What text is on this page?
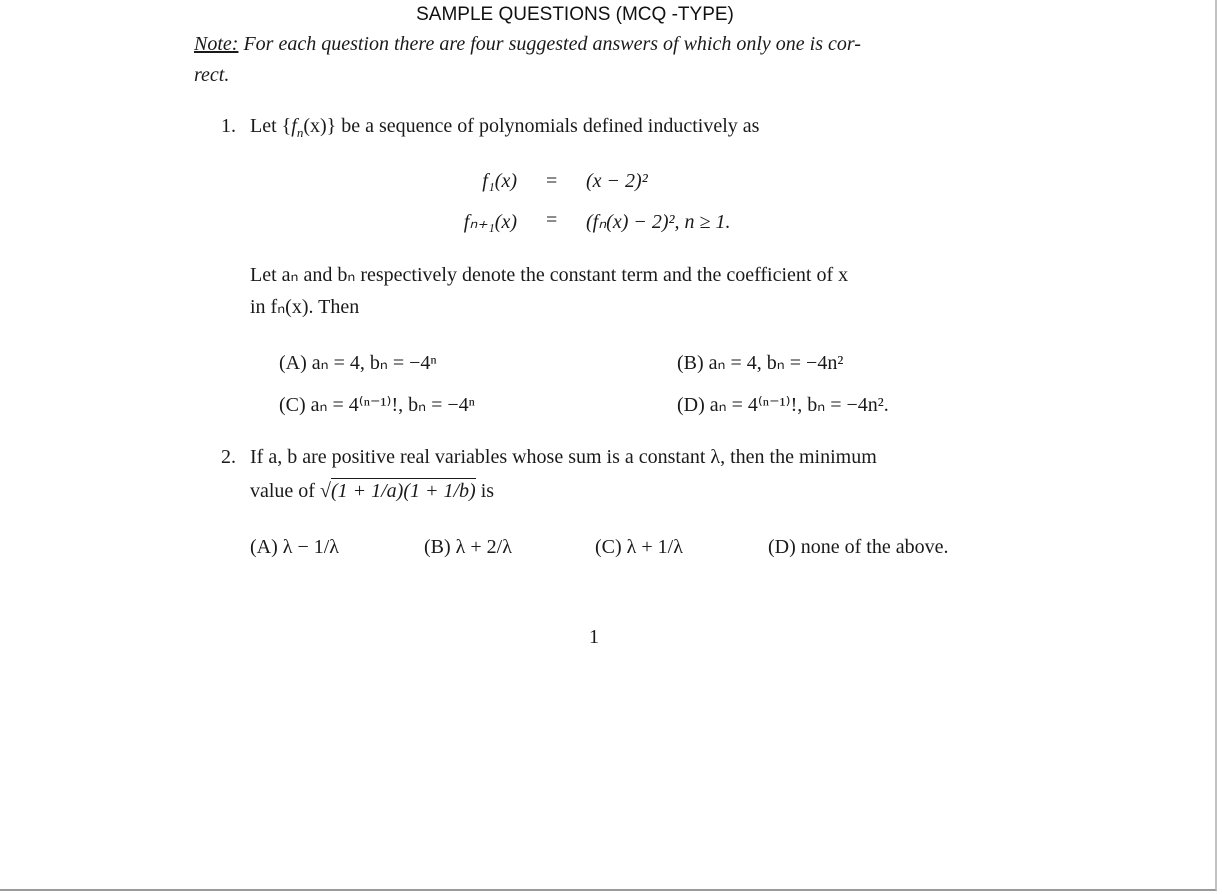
SAMPLE QUESTIONS (MCQ -TYPE)
Note: For each question there are four suggested answers of which only one is cor-
rect.
1. Let $\{f_n(x)\}$ be a sequence of polynomials defined inductively as
f₁(x) = (x − 2)²
fₙ₊₁(x) = (fₙ(x) − 2)², n ≥ 1.
Let aₙ and bₙ respectively denote the constant term and the coefficient of x
in fₙ(x). Then
(A) aₙ = 4, bₙ = −4ⁿ	(B) aₙ = 4, bₙ = −4n²
(C) aₙ = 4⁽ⁿ⁻¹⁾!, bₙ = −4ⁿ	(D) aₙ = 4⁽ⁿ⁻¹⁾!, bₙ = −4n².
2. If a, b are positive real variables whose sum is a constant λ, then the minimum
value of √(1 + 1/a)(1 + 1/b) is
(A) λ − 1/λ	(B) λ + 2/λ	(C) λ + 1/λ	(D) none of the above.
1
